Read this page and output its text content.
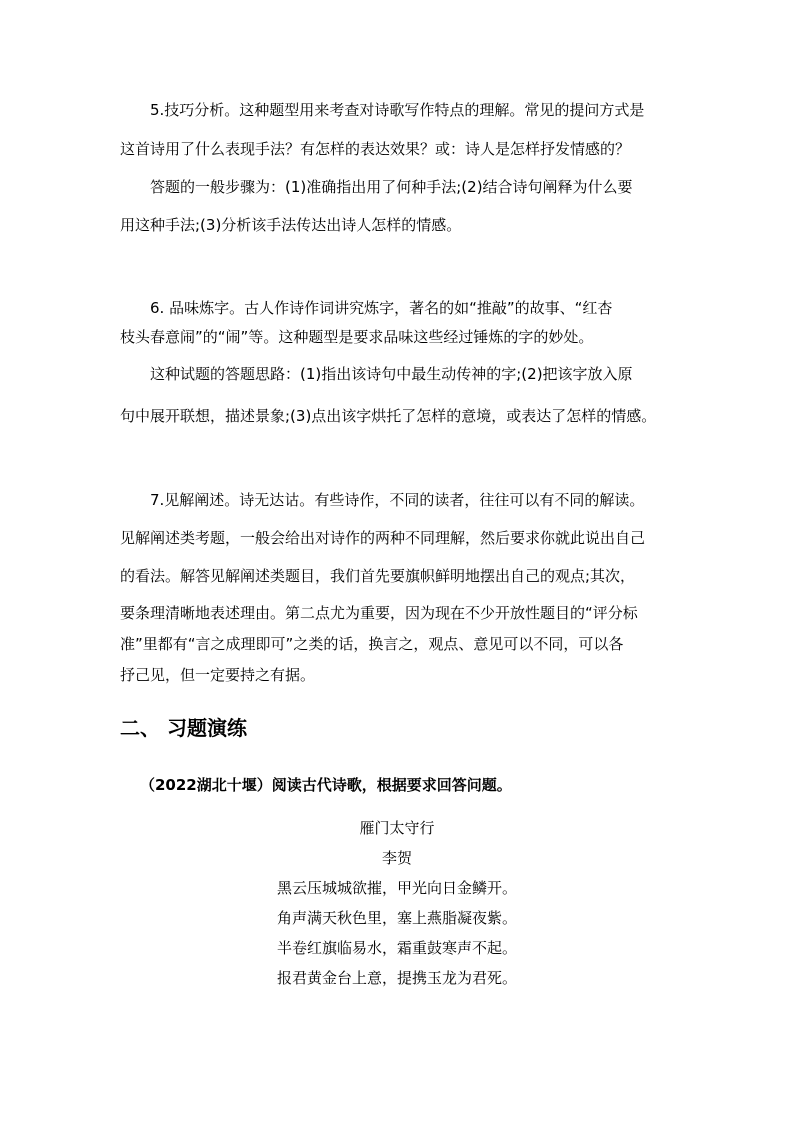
5.技巧分析。这种题型用来考查对诗歌写作特点的理解。常见的提问方式是
这首诗用了什么表现手法？有怎样的表达效果？或：诗人是怎样抒发情感的？
答题的一般步骤为：(1)准确指出用了何种手法;(2)结合诗句阐释为什么要
用这种手法;(3)分析该手法传达出诗人怎样的情感。
6. 品味炼字。古人作诗作词讲究炼字，著名的如“推敲”的故事、“红杏
枝头春意闹”的“闹”等。这种题型是要求品味这些经过锤炼的字的妙处。
这种试题的答题思路：(1)指出该诗句中最生动传神的字;(2)把该字放入原
句中展开联想，描述景象;(3)点出该字烘托了怎样的意境，或表达了怎样的情感。
7.见解阐述。诗无达诂。有些诗作，不同的读者，往往可以有不同的解读。
见解阐述类考题，一般会给出对诗作的两种不同理解，然后要求你就此说出自己
的看法。解答见解阐述类题目，我们首先要旗帜鲜明地摆出自己的观点;其次，
要条理清晰地表述理由。第二点尤为重要，因为现在不少开放性题目的“评分标
准”里都有“言之成理即可”之类的话，换言之，观点、意见可以不同，可以各
抒己见，但一定要持之有据。
二、 习题演练
（2022湖北十堰）阅读古代诗歌，根据要求回答问题。
雁门太守行
李贺
黑云压城城欲摧，甲光向日金鳞开。
角声满天秋色里，塞上燕脂凝夜紫。
半卷红旗临易水，霜重鼓寒声不起。
报君黄金台上意，提携玉龙为君死。
